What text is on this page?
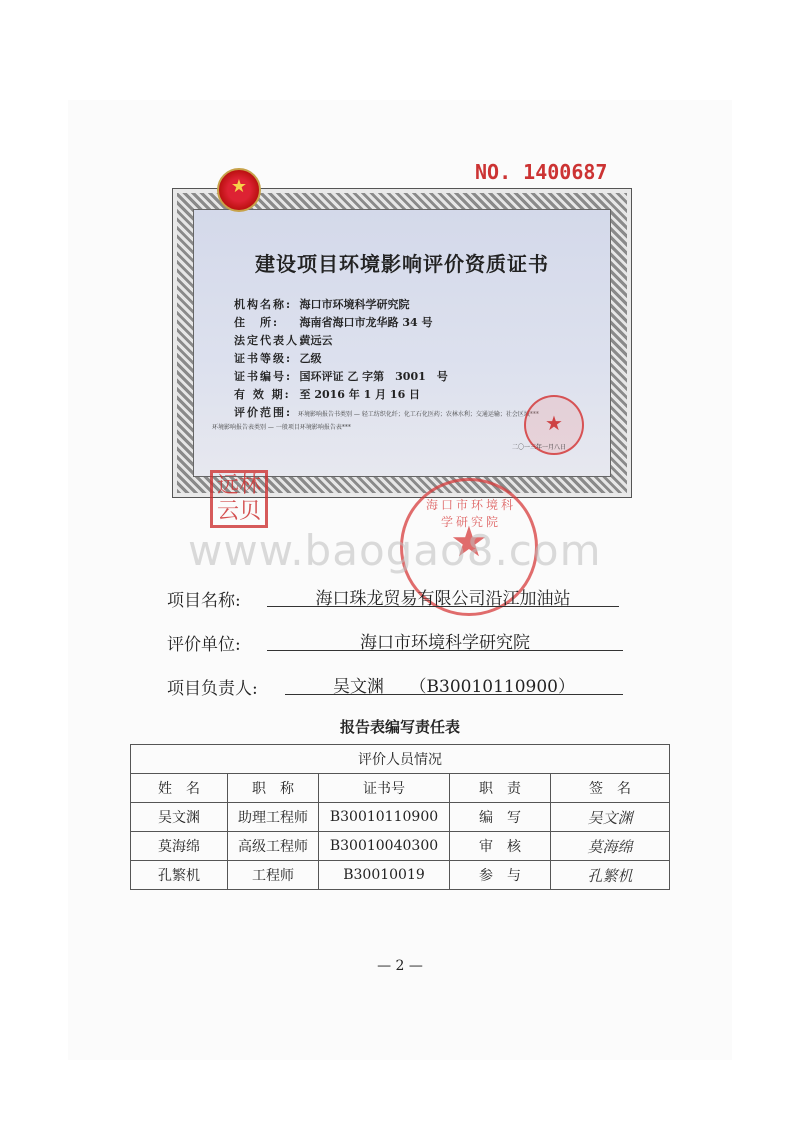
建设项目环境影响评价资质证书
机构名称: 海口市环境科学研究院
住　所: 海南省海口市龙华路 34 号
法定代表人: 黄远云
证书等级: 乙级
证书编号: 国环评证 乙 字第　3001　号
有 效 期: 至 2016 年 1 月 16 日
评价范围: 环境影响报告书类别 — 轻工纺织化纤；化工石化医药；农林水利；交通运输；社会区域***
环境影响报告表类别 — 一般项目环境影响报告表***
★
NO. 1400687
★
二〇一三年一月八日
远林云贝 ★	海口市环境科学研究院
www.baogao8.com
项目名称:	海口珠龙贸易有限公司沿江加油站
评价单位:	海口市环境科学研究院
项目负责人:	吴文渊　　（B30010110900）
报告表编写责任表
评价人员情况				
姓　名	职　称	证书号	职　责	签　名
吴文渊	助理工程师	B30010110900	编　写	吴文渊
莫海绵	高级工程师	B30010040300	审　核	莫海绵
孔繁机	工程师	B30010019	参　与	孔繁机
— 2 —
